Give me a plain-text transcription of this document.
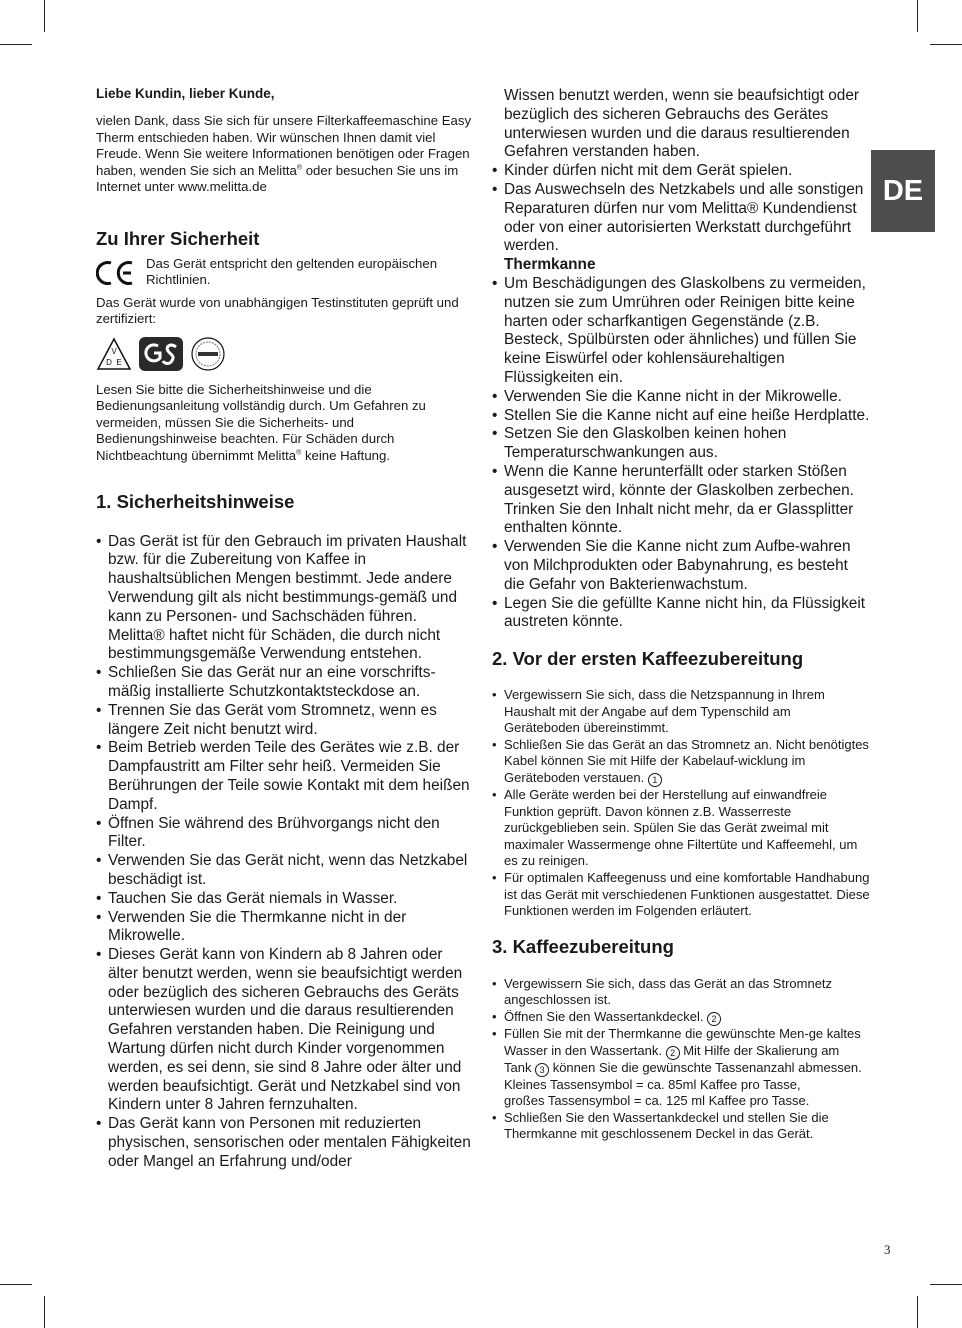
DE

Liebe Kundin, lieber Kunde,

vielen Dank, dass Sie sich für unsere Filterkaffeemaschine Easy Therm entschieden haben. Wir wünschen Ihnen damit viel Freude. Wenn Sie weitere Informationen benötigen oder Fragen haben, wenden Sie sich an Melitta® oder besuchen Sie uns im Internet unter www.melitta.de

Zu Ihrer Sicherheit
Das Gerät entspricht den geltenden europäischen Richtlinien.

Das Gerät wurde von unabhängigen Testinstituten geprüft und zertifiziert:

V
D E

Lesen Sie bitte die Sicherheitshinweise und die Bedienungsanleitung vollständig durch. Um Gefahren zu vermeiden, müssen Sie die Sicherheits- und Bedienungshinweise beachten. Für Schäden durch Nichtbeachtung übernimmt Melitta® keine Haftung.

1. Sicherheitshinweise
• Das Gerät ist für den Gebrauch im privaten Haushalt bzw. für die Zubereitung von Kaffee in haushaltsüblichen Mengen bestimmt. Jede andere Verwendung gilt als nicht bestimmungs-gemäß und kann zu Personen- und Sachschäden führen. Melitta® haftet nicht für Schäden, die durch nicht bestimmungsgemäße Verwendung entstehen.
• Schließen Sie das Gerät nur an eine vorschrifts-mäßig installierte Schutzkontaktsteckdose an.
• Trennen Sie das Gerät vom Stromnetz, wenn es längere Zeit nicht benutzt wird.
• Beim Betrieb werden Teile des Gerätes wie z.B. der Dampfaustritt am Filter sehr heiß. Vermeiden Sie Berührungen der Teile sowie Kontakt mit dem heißen Dampf.
• Öffnen Sie während des Brühvorgangs nicht den Filter.
• Verwenden Sie das Gerät nicht, wenn das Netzkabel beschädigt ist.
• Tauchen Sie das Gerät niemals in Wasser.
• Verwenden Sie die Thermkanne nicht in der Mikrowelle.
• Dieses Gerät kann von Kindern ab 8 Jahren oder älter benutzt werden, wenn sie beaufsichtigt werden oder bezüglich des sicheren Gebrauchs des Geräts unterwiesen wurden und die daraus resultierenden Gefahren verstanden haben. Die Reinigung und Wartung dürfen nicht durch Kinder vorgenommen werden, es sei denn, sie sind 8 Jahre oder älter und werden beaufsichtigt. Gerät und Netzkabel sind von Kindern unter 8 Jahren fernzuhalten.
• Das Gerät kann von Personen mit reduzierten physischen, sensorischen oder mentalen Fähigkeiten oder Mangel an Erfahrung und/oder
Wissen benutzt werden, wenn sie beaufsichtigt oder bezüglich des sicheren Gebrauchs des Gerätes unterwiesen wurden und die daraus resultierenden Gefahren verstanden haben.
• Kinder dürfen nicht mit dem Gerät spielen.
• Das Auswechseln des Netzkabels und alle sonstigen Reparaturen dürfen nur vom Melitta® Kundendienst oder von einer autorisierten Werkstatt durchgeführt werden.
Thermkanne
• Um Beschädigungen des Glaskolbens zu vermeiden, nutzen sie zum Umrühren oder Reinigen bitte keine harten oder scharfkantigen Gegenstände (z.B. Besteck, Spülbürsten oder ähnliches) und füllen Sie keine Eiswürfel oder kohlensäurehaltigen Flüssigkeiten ein.
• Verwenden Sie die Kanne nicht in der Mikrowelle.
• Stellen Sie die Kanne nicht auf eine heiße Herdplatte.
• Setzen Sie den Glaskolben keinen hohen Temperaturschwankungen aus.
• Wenn die Kanne herunterfällt oder starken Stößen ausgesetzt wird, könnte der Glaskolben zerbechen. Trinken Sie den Inhalt nicht mehr, da er Glassplitter enthalten könnte.
• Verwenden Sie die Kanne nicht zum Aufbe-wahren von Milchprodukten oder Babynahrung, es besteht die Gefahr von Bakterienwachstum.
• Legen Sie die gefüllte Kanne nicht hin, da Flüssigkeit austreten könnte.
2. Vor der ersten Kaffeezubereitung
• Vergewissern Sie sich, dass die Netzspannung in Ihrem Haushalt mit der Angabe auf dem Typenschild am Geräteboden übereinstimmt.
• Schließen Sie das Gerät an das Stromnetz an. Nicht benötigtes Kabel können Sie mit Hilfe der Kabelauf-wicklung im Geräteboden verstauen. 1
• Alle Geräte werden bei der Herstellung auf einwandfreie Funktion geprüft. Davon können z.B. Wasserreste zurückgeblieben sein. Spülen Sie das Gerät zweimal mit maximaler Wassermenge ohne Filtertüte und Kaffeemehl, um es zu reinigen.
• Für optimalen Kaffeegenuss und eine komfortable Handhabung ist das Gerät mit verschiedenen Funktionen ausgestattet. Diese Funktionen werden im Folgenden erläutert.
3. Kaffeezubereitung
• Vergewissern Sie sich, dass das Gerät an das Stromnetz angeschlossen ist.
• Öffnen Sie den Wassertankdeckel. 2
• Füllen Sie mit der Thermkanne die gewünschte Men-ge kaltes Wasser in den Wassertank. 2 Mit Hilfe der Skalierung am Tank 3 können Sie die gewünschte Tassenanzahl abmessen.
Kleines Tassensymbol = ca. 85ml Kaffee pro Tasse,
großes Tassensymbol = ca. 125 ml Kaffee pro Tasse.
• Schließen Sie den Wassertankdeckel und stellen Sie die Thermkanne mit geschlossenem Deckel in das Gerät.
3
